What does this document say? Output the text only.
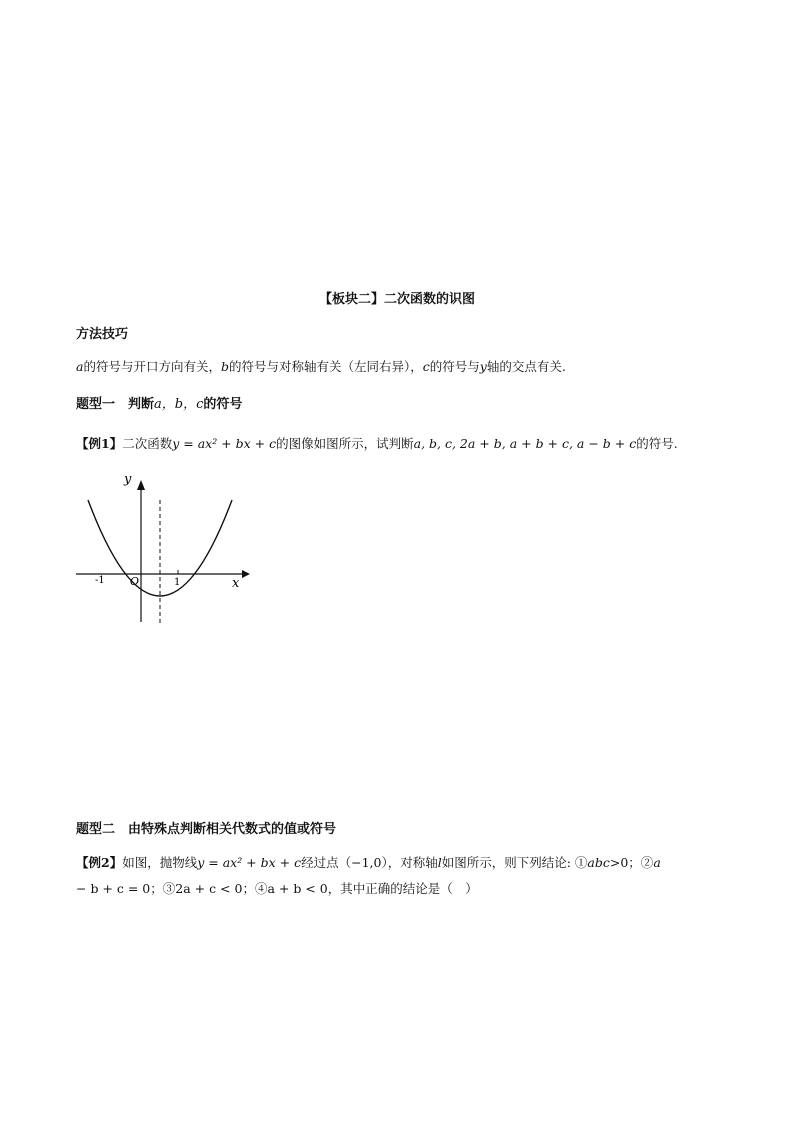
【板块二】二次函数的识图
方法技巧
a的符号与开口方向有关，b的符号与对称轴有关（左同右异），c的符号与y轴的交点有关.
题型一　判断a，b，c的符号
【例1】二次函数y = ax² + bx + c的图像如图所示，试判断a, b, c, 2a + b, a + b + c, a − b + c的符号.
y
x
O
-1	1
题型二　由特殊点判断相关代数式的值或符号
【例2】如图，抛物线y = ax² + bx + c经过点（−1,0），对称轴l如图所示，则下列结论: ①abc>0；②a
− b + c = 0；③2a + c < 0；④a + b < 0，其中正确的结论是（　）
